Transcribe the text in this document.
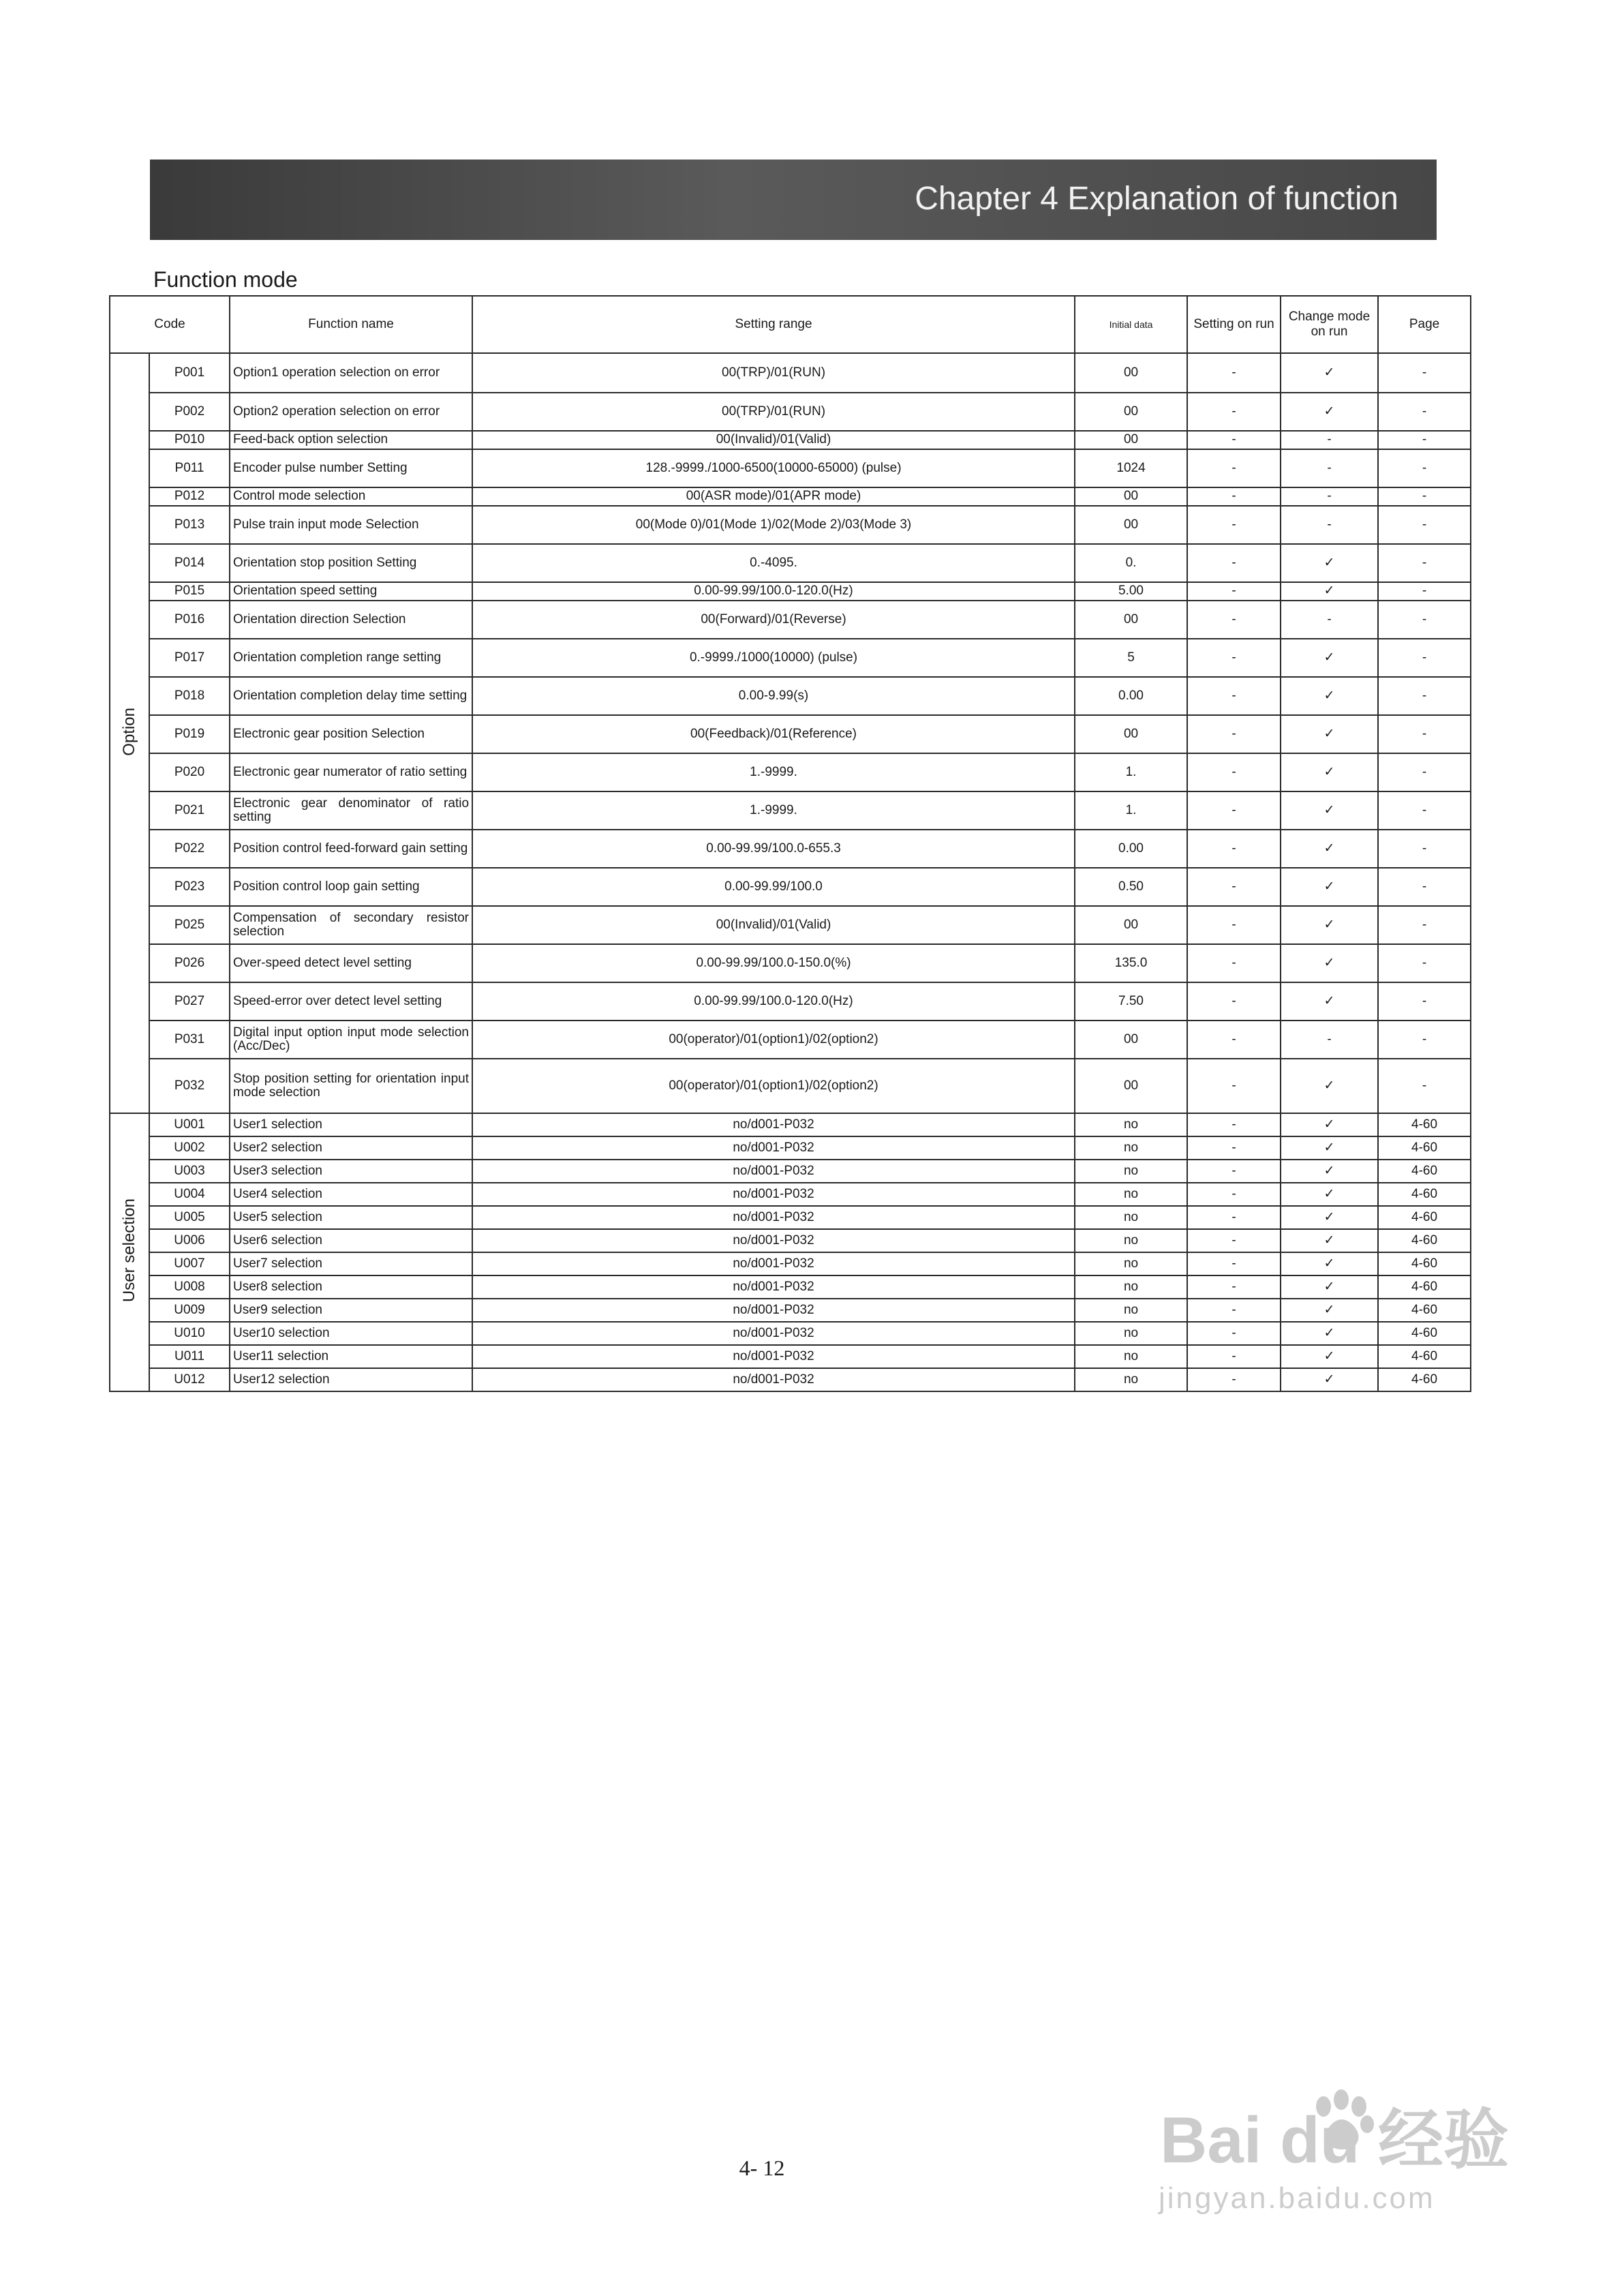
Chapter 4 Explanation of function
Function mode
Code		Function name	Setting range	Initial data	Setting on run	Change mode on run	Page
Option	P001	Option1 operation selection on error	00(TRP)/01(RUN)	00	-	✓	-
	P002	Option2 operation selection on error	00(TRP)/01(RUN)	00	-	✓	-
	P010	Feed-back option selection	00(Invalid)/01(Valid)	00	-	-	-
	P011	Encoder pulse number Setting	128.-9999./1000-6500(10000-65000) (pulse)	1024	-	-	-
	P012	Control mode selection	00(ASR mode)/01(APR mode)	00	-	-	-
	P013	Pulse train input mode Selection	00(Mode 0)/01(Mode 1)/02(Mode 2)/03(Mode 3)	00	-	-	-
	P014	Orientation stop position Setting	0.-4095.	0.	-	✓	-
	P015	Orientation speed setting	0.00-99.99/100.0-120.0(Hz)	5.00	-	✓	-
	P016	Orientation direction Selection	00(Forward)/01(Reverse)	00	-	-	-
	P017	Orientation completion range setting	0.-9999./1000(10000) (pulse)	5	-	✓	-
	P018	Orientation completion delay time setting	0.00-9.99(s)	0.00	-	✓	-
	P019	Electronic gear position Selection	00(Feedback)/01(Reference)	00	-	✓	-
	P020	Electronic gear numerator of ratio setting	1.-9999.	1.	-	✓	-
	P021	Electronic gear denominator of ratio setting	1.-9999.	1.	-	✓	-
	P022	Position control feed-forward gain setting	0.00-99.99/100.0-655.3	0.00	-	✓	-
	P023	Position control loop gain setting	0.00-99.99/100.0	0.50	-	✓	-
	P025	Compensation of secondary resistor selection	00(Invalid)/01(Valid)	00	-	✓	-
	P026	Over-speed detect level setting	0.00-99.99/100.0-150.0(%)	135.0	-	✓	-
	P027	Speed-error over detect level setting	0.00-99.99/100.0-120.0(Hz)	7.50	-	✓	-
	P031	Digital input option input mode selection (Acc/Dec)	00(operator)/01(option1)/02(option2)	00	-	-	-
	P032	Stop position setting for orientation input mode selection	00(operator)/01(option1)/02(option2)	00	-	✓	-
User selection	U001	User1 selection	no/d001-P032	no	-	✓	4-60
	U002	User2 selection	no/d001-P032	no	-	✓	4-60
	U003	User3 selection	no/d001-P032	no	-	✓	4-60
	U004	User4 selection	no/d001-P032	no	-	✓	4-60
	U005	User5 selection	no/d001-P032	no	-	✓	4-60
	U006	User6 selection	no/d001-P032	no	-	✓	4-60
	U007	User7 selection	no/d001-P032	no	-	✓	4-60
	U008	User8 selection	no/d001-P032	no	-	✓	4-60
	U009	User9 selection	no/d001-P032	no	-	✓	4-60
	U010	User10 selection	no/d001-P032	no	-	✓	4-60
	U011	User11 selection	no/d001-P032	no	-	✓	4-60
	U012	User12 selection	no/d001-P032	no	-	✓	4-60
4- 12	Bai du 经验
jingyan.baidu.com
